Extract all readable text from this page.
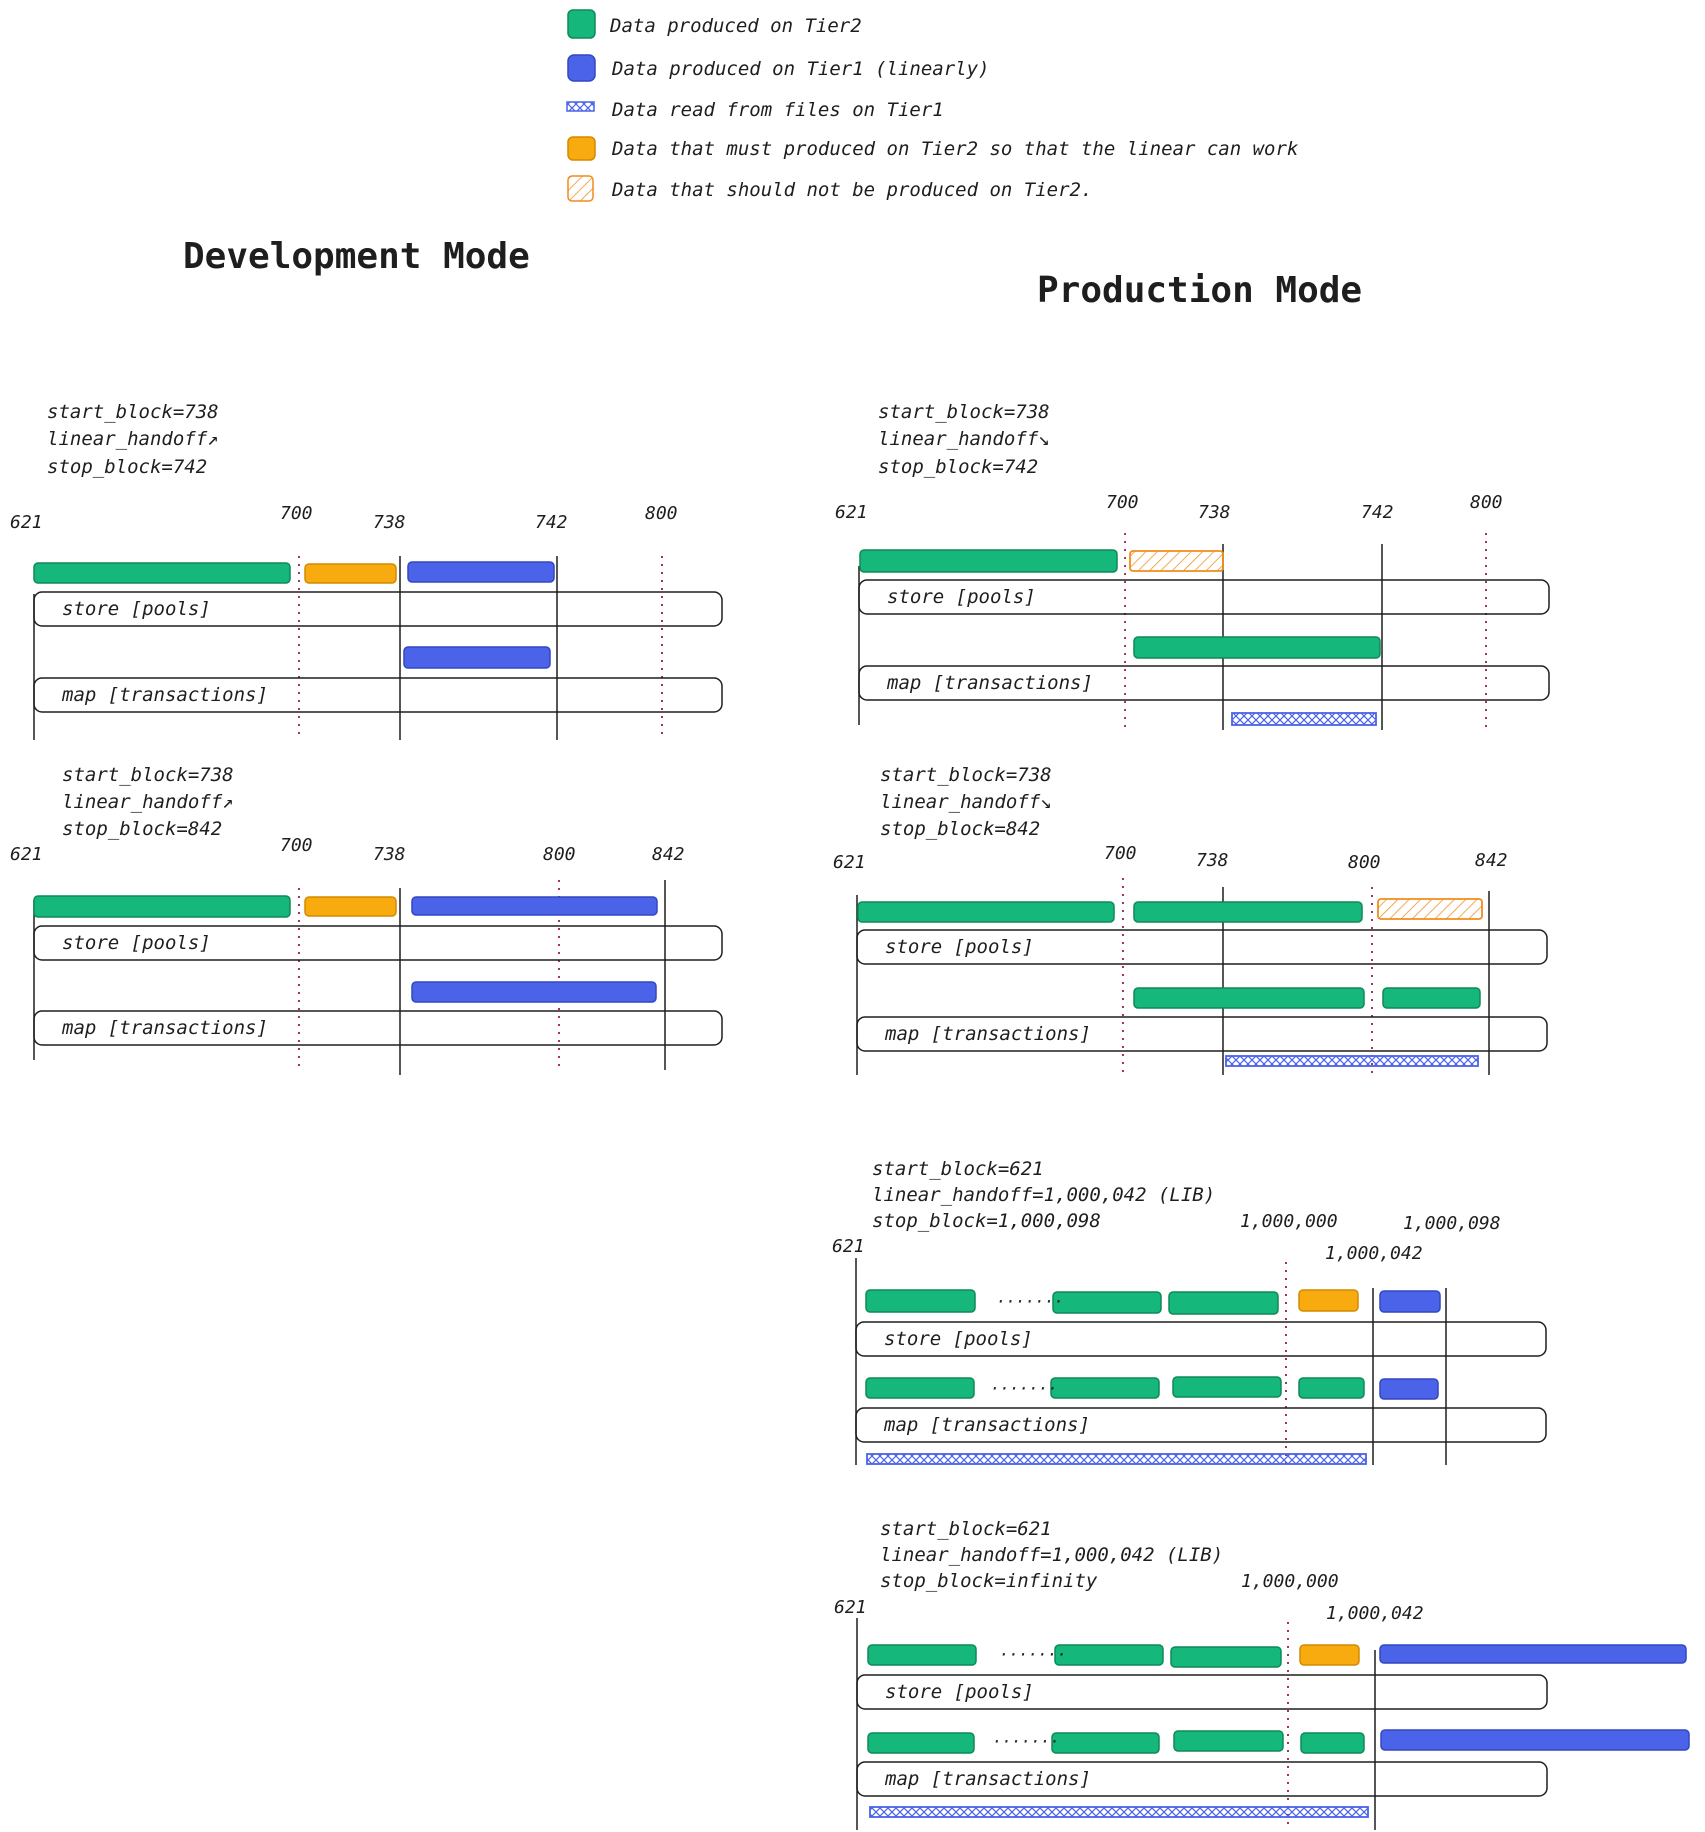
Data produced on Tier2
Data produced on Tier1 (linearly)
Data read from files on Tier1
Data that must produced on Tier2 so that the linear can work
Data that should not be produced on Tier2.
Development Mode
Production Mode
store [pools]
map [transactions]
start_block=738
linear_handoff↗
stop_block=742
621	700	738	742	800
store [pools]
map [transactions]
start_block=738
linear_handoff↗
stop_block=842
621	700	738	800	842
store [pools]
map [transactions]
start_block=738
linear_handoff↘
stop_block=742
621	700	738	742	800
store [pools]
map [transactions]
start_block=738
linear_handoff↘
stop_block=842
621	700	738	800	842
store [pools]
map [transactions]
·······
·······
start_block=621
linear_handoff=1,000,042 (LIB)
stop_block=1,000,098
621
1,000,000
1,000,042
1,000,098
store [pools]
map [transactions]
·······
·······
start_block=621
linear_handoff=1,000,042 (LIB)
stop_block=infinity
621
1,000,000
1,000,042
